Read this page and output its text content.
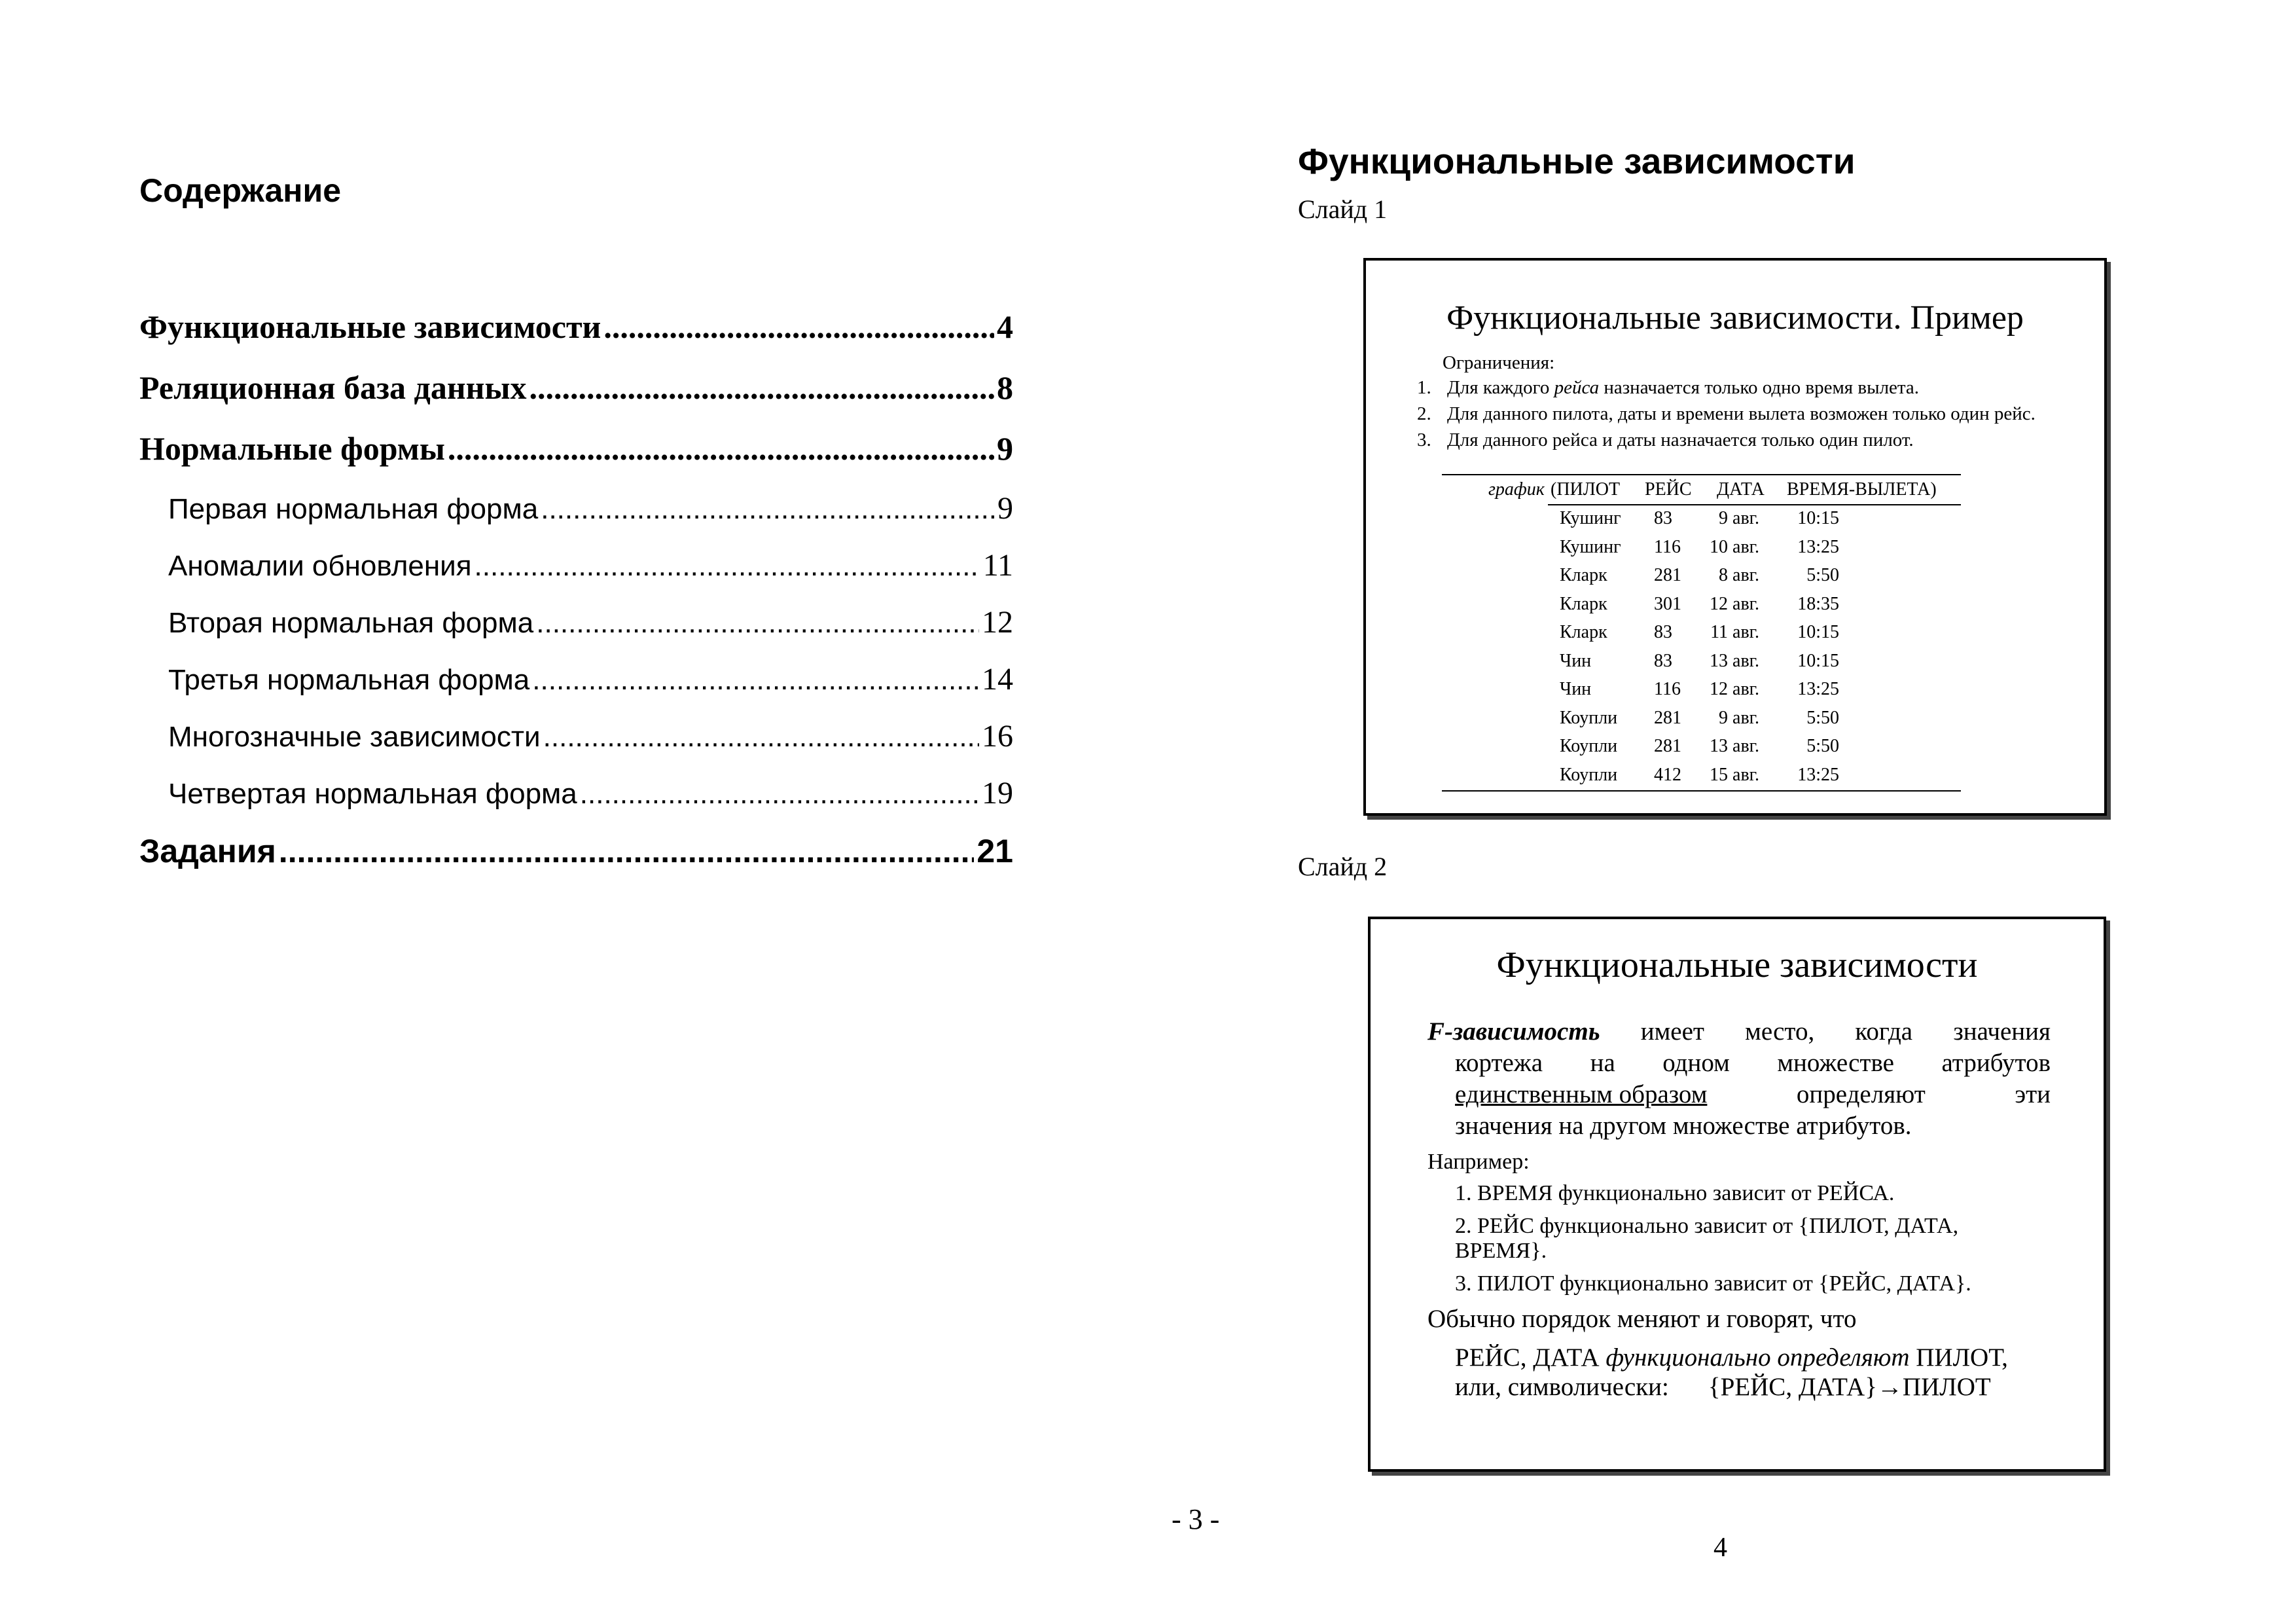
Содержание
Функциональные зависимости .....	4
Реляционная база данных .....	8
Нормальные формы .....	9
Первая нормальная форма .....	9
Аномалии обновления .....	11
Вторая нормальная форма .....	12
Третья нормальная форма .....	14
Многозначные зависимости .....	16
Четвертая нормальная форма .....	19
Задания .....	21
- 3 -
Функциональные зависимости
Слайд 1
Функциональные зависимости. Пример
Ограничения:
1. Для каждого рейса назначается только одно время вылета.
2. Для данного пилота, даты и времени вылета возможен только один рейс.
3. Для данного рейса и даты назначается только один пилот.
график (ПИЛОТ РЕЙС ДАТА ВРЕМЯ-ВЫЛЕТА)
Кушинг 83	9 авг. 10:15
Кушинг 116 10 авг. 13:25
Кларк	281 8 авг.	5:50
Кларк	301 12 авг. 18:35
Кларк	83 11 авг. 10:15
Чин	83 13 авг. 10:15
Чин	116 12 авг. 13:25
Коупли 281 9 авг.	5:50
Коупли 281 13 авг.	5:50
Коупли 412 15 авг. 13:25
Слайд 2
Функциональные зависимости
F-зависимость имеет место, когда значения
кортежа на одном множестве атрибутов
единственным образом	определяют	эти
значения на другом множестве атрибутов.
Например:
1. ВРЕМЯ функционально зависит от РЕЙСА.
2. РЕЙС функционально зависит от {ПИЛОТ, ДАТА,
ВРЕМЯ}.
3. ПИЛОТ функционально зависит от {РЕЙС, ДАТА}.
Обычно порядок меняют и говорят, что
РЕЙС, ДАТА функционально определяют ПИЛОТ,
или, символически: {РЕЙС, ДАТА}→ПИЛОТ
4
